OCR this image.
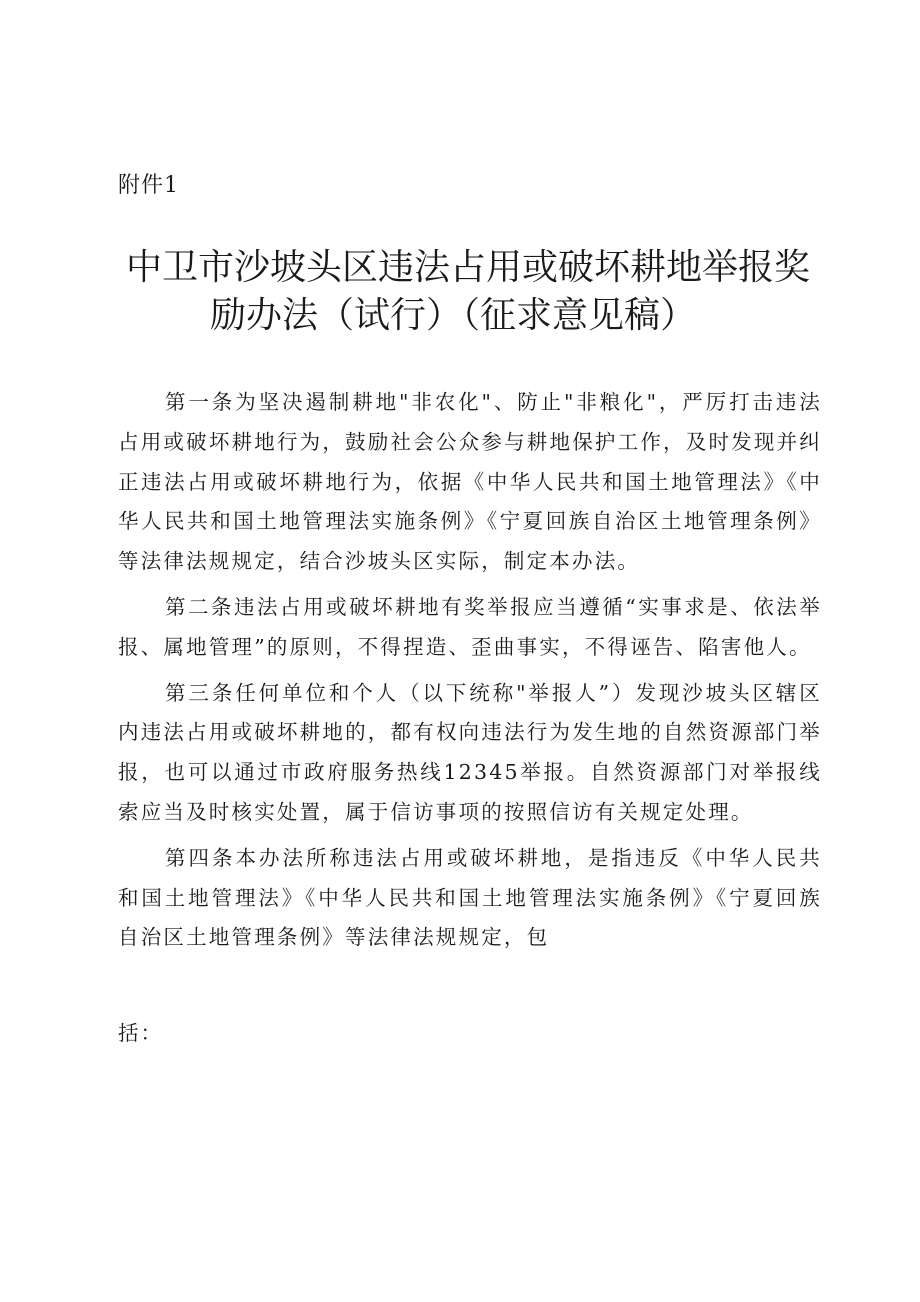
附件1
中卫市沙坡头区违法占用或破坏耕地举报奖
励办法（试行）（征求意见稿）

第一条为坚决遏制耕地"非农化"、防止"非粮化"，严厉打击违法占用或破坏耕地行为，鼓励社会公众参与耕地保护工作，及时发现并纠正违法占用或破坏耕地行为，依据《中华人民共和国土地管理法》《中华人民共和国土地管理法实施条例》《宁夏回族自治区土地管理条例》等法律法规规定，结合沙坡头区实际，制定本办法。

第二条违法占用或破坏耕地有奖举报应当遵循“实事求是、依法举报、属地管理”的原则，不得捏造、歪曲事实，不得诬告、陷害他人。

第三条任何单位和个人（以下统称"举报人”）发现沙坡头区辖区内违法占用或破坏耕地的，都有权向违法行为发生地的自然资源部门举报，也可以通过市政府服务热线12345举报。自然资源部门对举报线索应当及时核实处置，属于信访事项的按照信访有关规定处理。

第四条本办法所称违法占用或破坏耕地，是指违反《中华人民共和国土地管理法》《中华人民共和国土地管理法实施条例》《宁夏回族自治区土地管理条例》等法律法规规定，包

括：
